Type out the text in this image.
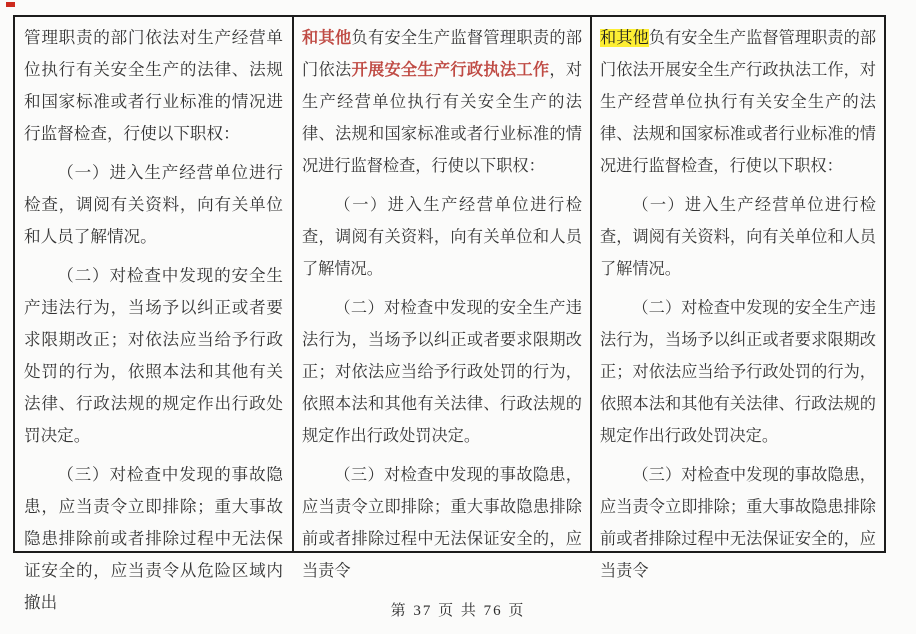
管理职责的部门依法对生产经营单位执行有关安全生产的法律、法规和国家标准或者行业标准的情况进行监督检查，行使以下职权：

（一）进入生产经营单位进行检查，调阅有关资料，向有关单位和人员了解情况。

（二）对检查中发现的安全生产违法行为，当场予以纠正或者要求限期改正；对依法应当给予行政处罚的行为，依照本法和其他有关法律、行政法规的规定作出行政处罚决定。

（三）对检查中发现的事故隐患，应当责令立即排除；重大事故隐患排除前或者排除过程中无法保证安全的，应当责令从危险区域内撤出

和其他负有安全生产监督管理职责的部门依法开展安全生产行政执法工作，对生产经营单位执行有关安全生产的法律、法规和国家标准或者行业标准的情况进行监督检查，行使以下职权：

（一）进入生产经营单位进行检查，调阅有关资料，向有关单位和人员了解情况。

（二）对检查中发现的安全生产违法行为，当场予以纠正或者要求限期改正；对依法应当给予行政处罚的行为，依照本法和其他有关法律、行政法规的规定作出行政处罚决定。

（三）对检查中发现的事故隐患，应当责令立即排除；重大事故隐患排除前或者排除过程中无法保证安全的，应当责令

和其他负有安全生产监督管理职责的部门依法开展安全生产行政执法工作，对生产经营单位执行有关安全生产的法律、法规和国家标准或者行业标准的情况进行监督检查，行使以下职权：

（一）进入生产经营单位进行检查，调阅有关资料，向有关单位和人员了解情况。

（二）对检查中发现的安全生产违法行为，当场予以纠正或者要求限期改正；对依法应当给予行政处罚的行为，依照本法和其他有关法律、行政法规的规定作出行政处罚决定。

（三）对检查中发现的事故隐患，应当责令立即排除；重大事故隐患排除前或者排除过程中无法保证安全的，应当责令

第 37 页 共 76 页
